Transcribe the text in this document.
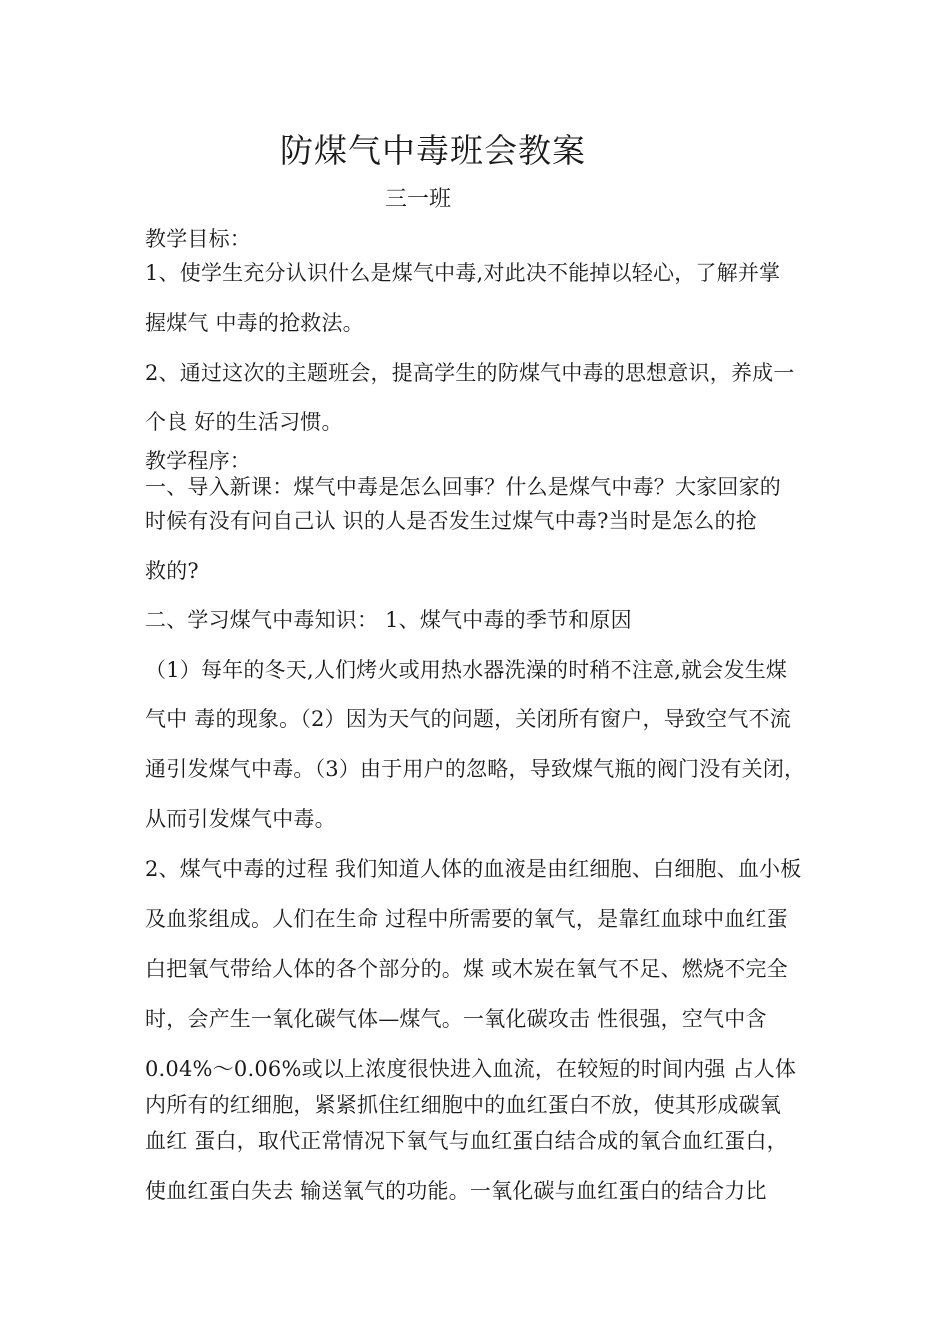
防煤气中毒班会教案
三一班
教学目标：
1、使学生充分认识什么是煤气中毒,对此决不能掉以轻心，了解并掌
握煤气 中毒的抢救法。
2、通过这次的主题班会，提高学生的防煤气中毒的思想意识，养成一
个良 好的生活习惯。
教学程序：
一、导入新课：煤气中毒是怎么回事？什么是煤气中毒？大家回家的
时候有没有问自己认 识的人是否发生过煤气中毒?当时是怎么的抢
救的?
二、学习煤气中毒知识： 1、煤气中毒的季节和原因
（1）每年的冬天,人们烤火或用热水器洗澡的时稍不注意,就会发生煤
气中 毒的现象。（2）因为天气的问题，关闭所有窗户，导致空气不流
通引发煤气中毒。（3）由于用户的忽略，导致煤气瓶的阀门没有关闭，
从而引发煤气中毒。
2、煤气中毒的过程 我们知道人体的血液是由红细胞、白细胞、血小板
及血浆组成。人们在生命 过程中所需要的氧气，是靠红血球中血红蛋
白把氧气带给人体的各个部分的。煤 或木炭在氧气不足、燃烧不完全
时，会产生一氧化碳气体—煤气。一氧化碳攻击 性很强，空气中含
0.04%～0.06%或以上浓度很快进入血流，在较短的时间内强 占人体
内所有的红细胞，紧紧抓住红细胞中的血红蛋白不放，使其形成碳氧
血红 蛋白，取代正常情况下氧气与血红蛋白结合成的氧合血红蛋白，
使血红蛋白失去 输送氧气的功能。一氧化碳与血红蛋白的结合力比
